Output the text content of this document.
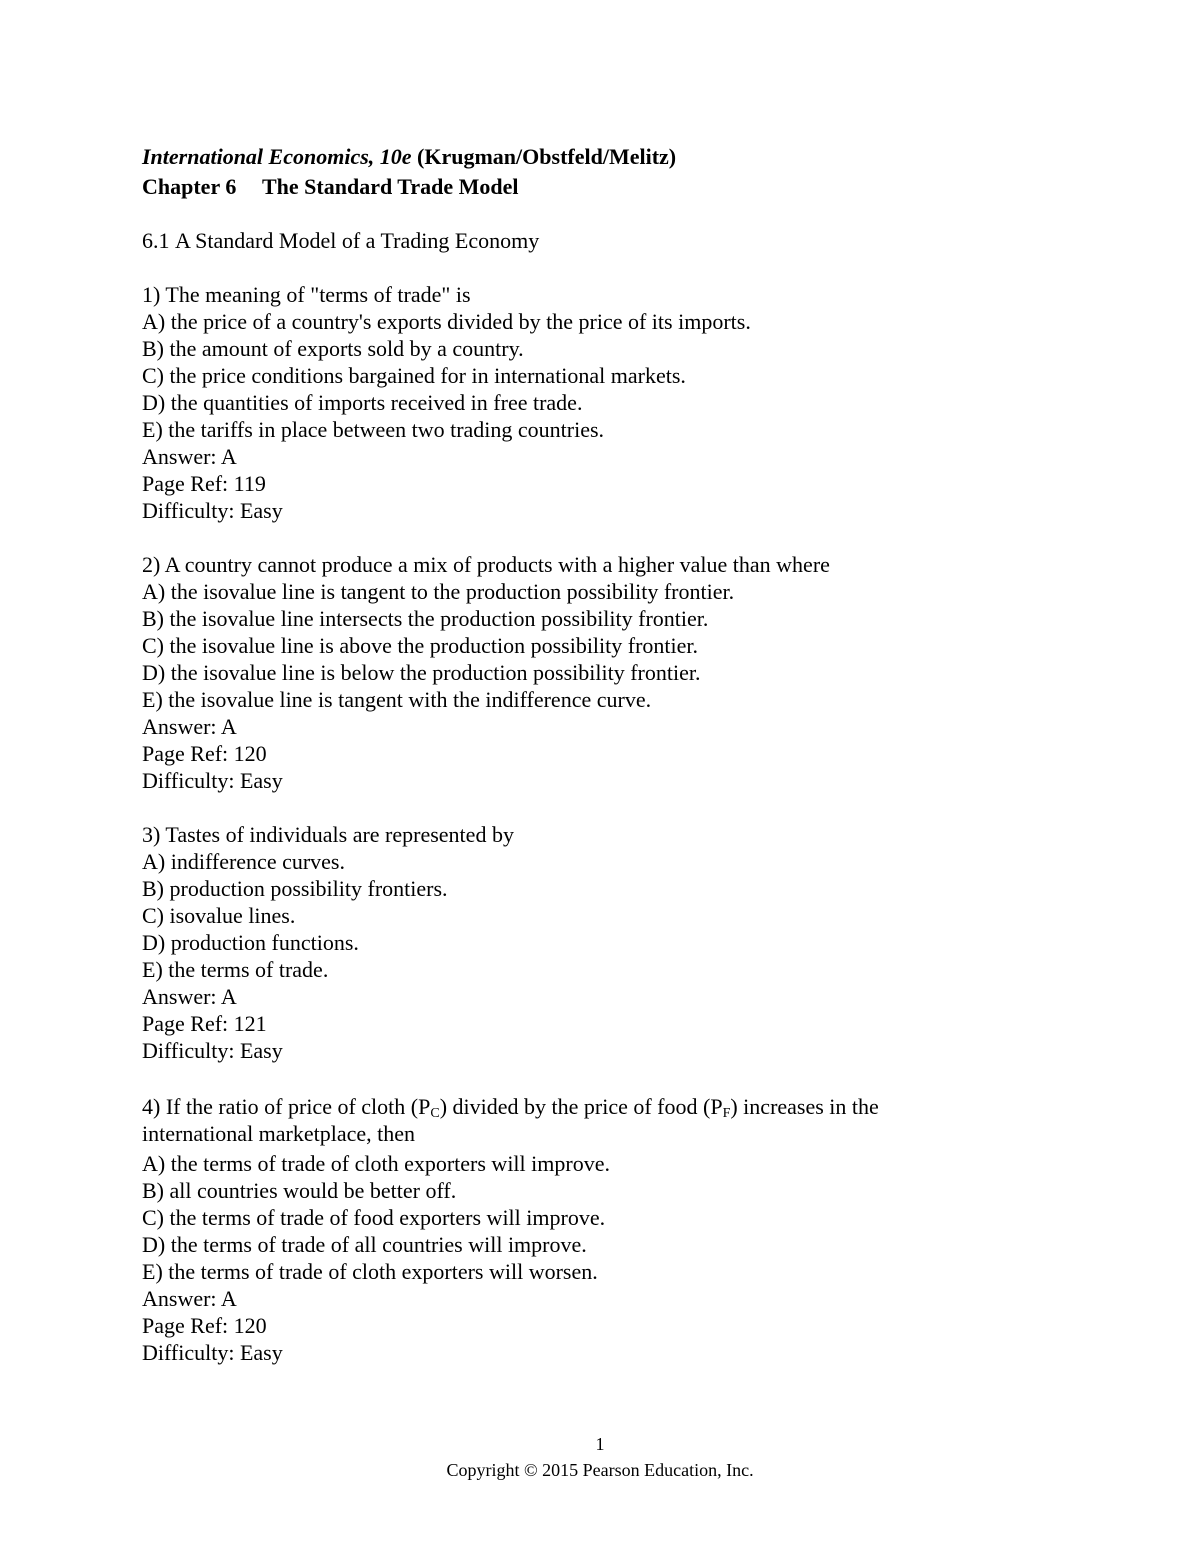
International Economics, 10e (Krugman/Obstfeld/Melitz)
Chapter 6 The Standard Trade Model
6.1 A Standard Model of a Trading Economy
1) The meaning of "terms of trade" is
A) the price of a country's exports divided by the price of its imports.
B) the amount of exports sold by a country.
C) the price conditions bargained for in international markets.
D) the quantities of imports received in free trade.
E) the tariffs in place between two trading countries.
Answer: A
Page Ref: 119
Difficulty: Easy
2) A country cannot produce a mix of products with a higher value than where
A) the isovalue line is tangent to the production possibility frontier.
B) the isovalue line intersects the production possibility frontier.
C) the isovalue line is above the production possibility frontier.
D) the isovalue line is below the production possibility frontier.
E) the isovalue line is tangent with the indifference curve.
Answer: A
Page Ref: 120
Difficulty: Easy
3) Tastes of individuals are represented by
A) indifference curves.
B) production possibility frontiers.
C) isovalue lines.
D) production functions.
E) the terms of trade.
Answer: A
Page Ref: 121
Difficulty: Easy
4) If the ratio of price of cloth $(P_C)$ divided by the price of food $(P_F)$ increases in the
international marketplace, then
A) the terms of trade of cloth exporters will improve.
B) all countries would be better off.
C) the terms of trade of food exporters will improve.
D) the terms of trade of all countries will improve.
E) the terms of trade of cloth exporters will worsen.
Answer: A
Page Ref: 120
Difficulty: Easy
1
Copyright © 2015 Pearson Education, Inc.
